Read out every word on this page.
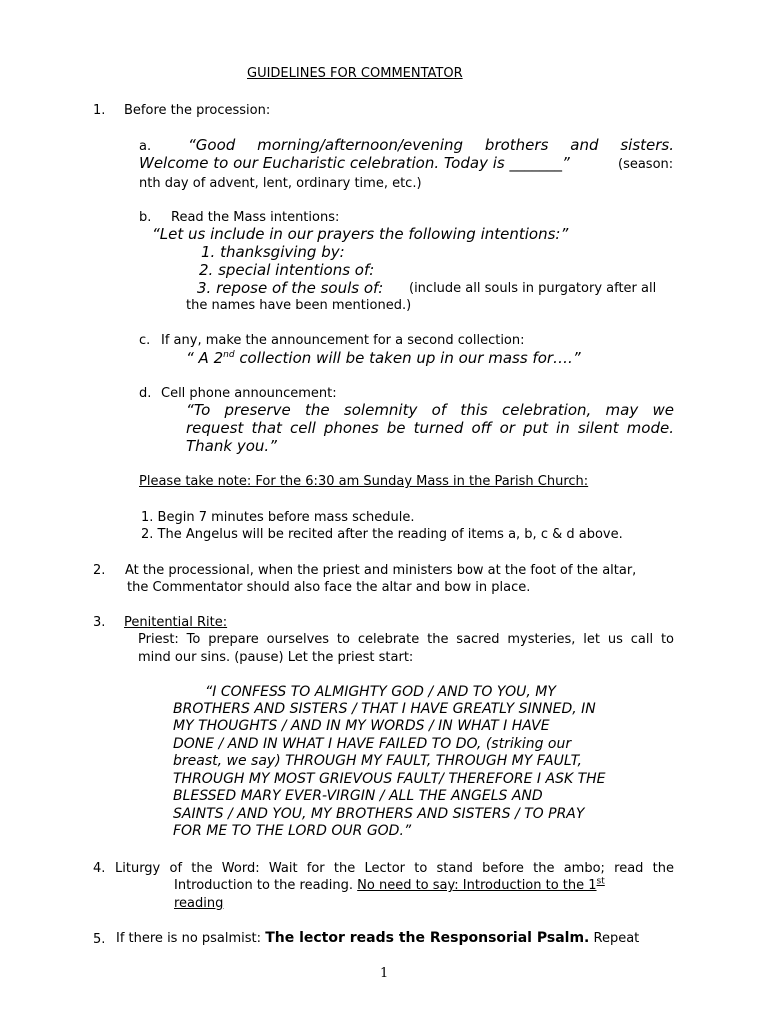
GUIDELINES FOR COMMENTATOR
1. Before the procession:
a. “Good morning/afternoon/evening brothers and sisters.
Welcome to our Eucharistic celebration. Today is _______”	(season:
nth day of advent, lent, ordinary time, etc.)
b. Read the Mass intentions:
“Let us include in our prayers the following intentions:”
1. thanksgiving by:
2. special intentions of:
3. repose of the souls of: (include all souls in purgatory after all
the names have been mentioned.)
c. If any, make the announcement for a second collection:
“ A 2nd collection will be taken up in our mass for….”
d. Cell phone announcement:
“To preserve the solemnity of this celebration, may we
request that cell phones be turned off or put in silent mode.
Thank you.”
Please take note: For the 6:30 am Sunday Mass in the Parish Church:
1. Begin 7 minutes before mass schedule.
2. The Angelus will be recited after the reading of items a, b, c & d above.
2. At the processional, when the priest and ministers bow at the foot of the altar,
the Commentator should also face the altar and bow in place.
3. Penitential Rite:
Priest: To prepare ourselves to celebrate the sacred mysteries, let us call to
mind our sins. (pause) Let the priest start:
“I CONFESS TO ALMIGHTY GOD / AND TO YOU, MY
BROTHERS AND SISTERS / THAT I HAVE GREATLY SINNED, IN
MY THOUGHTS / AND IN MY WORDS / IN WHAT I HAVE
DONE / AND IN WHAT I HAVE FAILED TO DO, (striking our
breast, we say) THROUGH MY FAULT, THROUGH MY FAULT,
THROUGH MY MOST GRIEVOUS FAULT/ THEREFORE I ASK THE
BLESSED MARY EVER-VIRGIN / ALL THE ANGELS AND
SAINTS / AND YOU, MY BROTHERS AND SISTERS / TO PRAY
FOR ME TO THE LORD OUR GOD.”
4. Liturgy of the Word: Wait for the Lector to stand before the ambo; read the
Introduction to the reading. No need to say: Introduction to the 1st
reading
5. If there is no psalmist: The lector reads the Responsorial Psalm. Repeat
1
